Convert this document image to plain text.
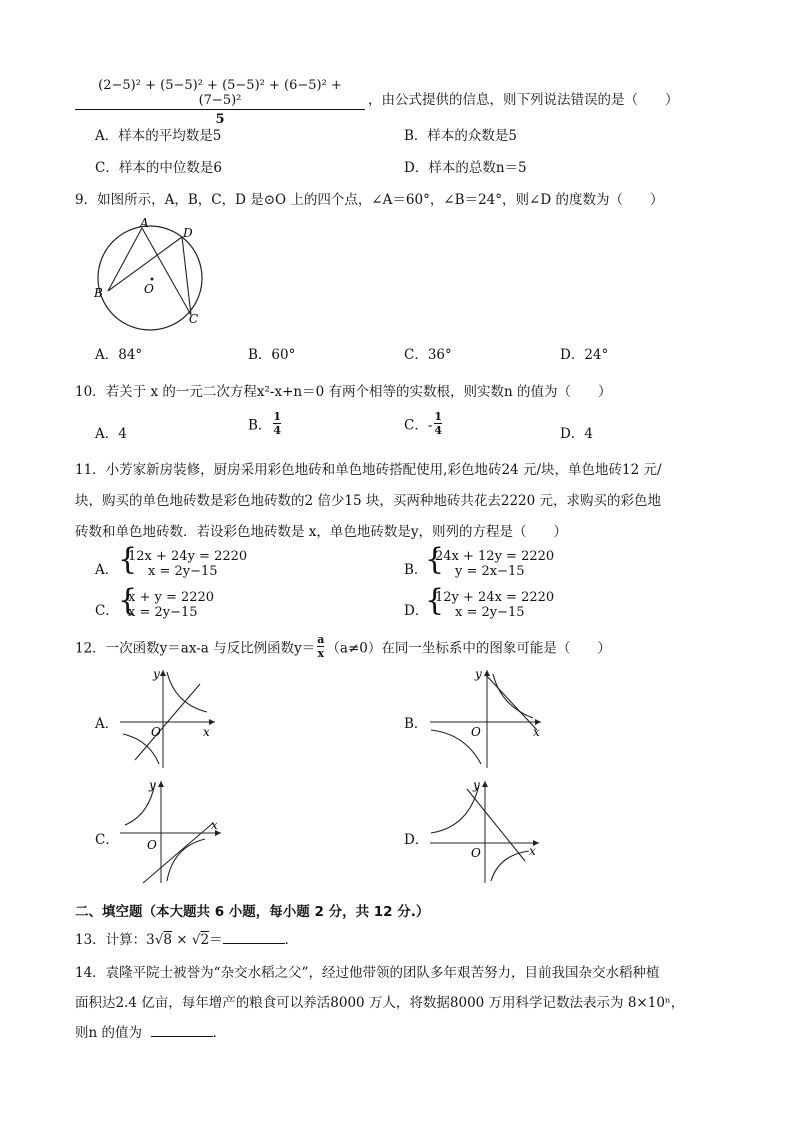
$\frac{\text{(2−5)² + (5−5)² + (5−5)² + (6−5)² + (7−5)²}}{5}$ ，由公式提供的信息，则下列说法错误的是（　　）
A．样本的平均数是5	B．样本的众数是5
C．样本的中位数是6	D．样本的总数n＝5
9．如图所示，A，B，C，D 是⊙O 上的四个点，∠A＝60°，∠B＝24°，则∠D 的度数为（　　）
A
D
B	O
C
A．84°	B．60°	C．36°	D．24°
10．若关于 x 的一元二次方程x²-x+n＝0 有两个相等的实数根，则实数n 的值为（　　）
A．4
B． $\frac{1}{4}$	C．- $\frac{1}{4}$	D．4
11．小芳家新房装修，厨房采用彩色地砖和单色地砖搭配使用,彩色地砖24 元/块，单色地砖12 元/
块，购买的单色地砖数是彩色地砖数的2 倍少15 块，买两种地砖共花去2220 元，求购买的彩色地
砖数和单色地砖数．若设彩色地砖数是 x，单色地砖数是y，则列的方程是（　　）
A． {
12x + 24y = 2220
x = 2y−15	B．
{
24x + 12y = 2220
y = 2x−15
C． {
x + y = 2220
x = 2y−15	D．
{
12y + 24x = 2220
x = 2y−15
12．一次函数y＝ax-a 与反比例函数$y= \frac{a}{x} (a\ne 0)$在同一坐标系中的图象可能是（　　）
A．
y
x
O	B．
y
x
O
C．
y
x
O	D．
y
x
O
二、填空题（本大题共 6 小题，每小题 2 分，共 12 分.）
13．计算：3√8 × √2＝	．
14．袁隆平院士被誉为“杂交水稻之父”，经过他带领的团队多年艰苦努力，目前我国杂交水稻种植
面积达2.4 亿亩，每年增产的粮食可以养活8000 万人，将数据8000 万用科学记数法表示为 8×10ⁿ，
则n 的值为	．
